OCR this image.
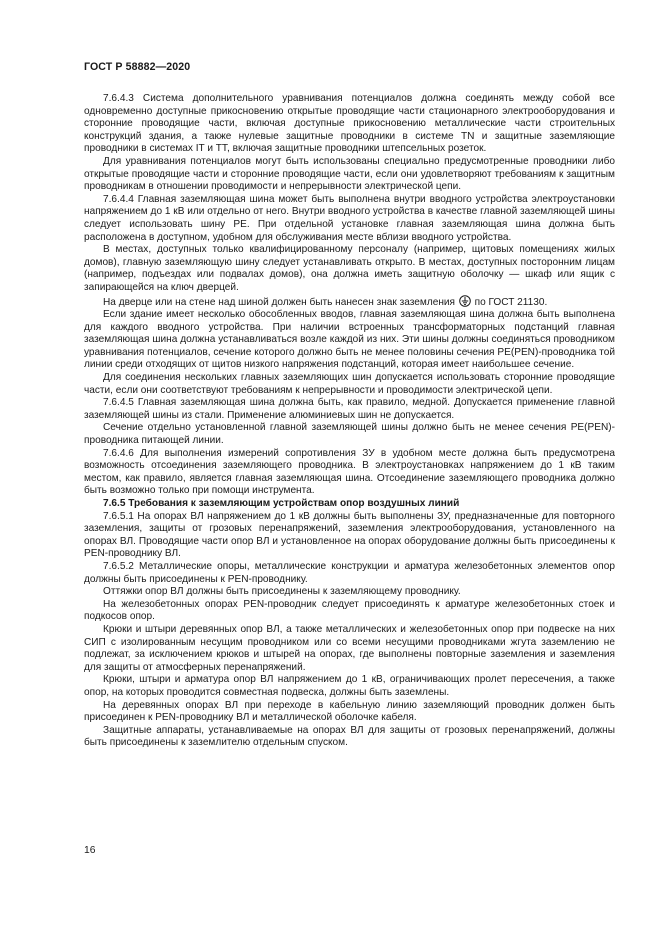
ГОСТ Р 58882—2020

7.6.4.3 Система дополнительного уравнивания потенциалов должна соединять между собой все одновременно доступные прикосновению открытые проводящие части стационарного электрооборудования и сторонние проводящие части, включая доступные прикосновению металлические части строительных конструкций здания, а также нулевые защитные проводники в системе TN и защитные заземляющие проводники в системах IT и TT, включая защитные проводники штепсельных розеток.

Для уравнивания потенциалов могут быть использованы специально предусмотренные проводники либо открытые проводящие части и сторонние проводящие части, если они удовлетворяют требованиям к защитным проводникам в отношении проводимости и непрерывности электрической цепи.

7.6.4.4 Главная заземляющая шина может быть выполнена внутри вводного устройства электроустановки напряжением до 1 кВ или отдельно от него. Внутри вводного устройства в качестве главной заземляющей шины следует использовать шину РЕ. При отдельной установке главная заземляющая шина должна быть расположена в доступном, удобном для обслуживания месте вблизи вводного устройства.

В местах, доступных только квалифицированному персоналу (например, щитовых помещениях жилых домов), главную заземляющую шину следует устанавливать открыто. В местах, доступных посторонним лицам (например, подъездах или подвалах домов), она должна иметь защитную оболочку — шкаф или ящик с запирающейся на ключ дверцей.

На дверце или на стене над шиной должен быть нанесен знак заземления по ГОСТ 21130.

Если здание имеет несколько обособленных вводов, главная заземляющая шина должна быть выполнена для каждого вводного устройства. При наличии встроенных трансформаторных подстанций главная заземляющая шина должна устанавливаться возле каждой из них. Эти шины должны соединяться проводником уравнивания потенциалов, сечение которого должно быть не менее половины сечения PE(PEN)-проводника той линии среди отходящих от щитов низкого напряжения подстанций, которая имеет наибольшее сечение.

Для соединения нескольких главных заземляющих шин допускается использовать сторонние проводящие части, если они соответствуют требованиям к непрерывности и проводимости электрической цепи.

7.6.4.5 Главная заземляющая шина должна быть, как правило, медной. Допускается применение главной заземляющей шины из стали. Применение алюминиевых шин не допускается.

Сечение отдельно установленной главной заземляющей шины должно быть не менее сечения PE(PEN)-проводника питающей линии.

7.6.4.6 Для выполнения измерений сопротивления ЗУ в удобном месте должна быть предусмотрена возможность отсоединения заземляющего проводника. В электроустановках напряжением до 1 кВ таким местом, как правило, является главная заземляющая шина. Отсоединение заземляющего проводника должно быть возможно только при помощи инструмента.

7.6.5 Требования к заземляющим устройствам опор воздушных линий

7.6.5.1 На опорах ВЛ напряжением до 1 кВ должны быть выполнены ЗУ, предназначенные для повторного заземления, защиты от грозовых перенапряжений, заземления электрооборудования, установленного на опорах ВЛ. Проводящие части опор ВЛ и установленное на опорах оборудование должны быть присоединены к PEN-проводнику ВЛ.

7.6.5.2 Металлические опоры, металлические конструкции и арматура железобетонных элементов опор должны быть присоединены к PEN-проводнику.

Оттяжки опор ВЛ должны быть присоединены к заземляющему проводнику.

На железобетонных опорах PEN-проводник следует присоединять к арматуре железобетонных стоек и подкосов опор.

Крюки и штыри деревянных опор ВЛ, а также металлических и железобетонных опор при подвеске на них СИП с изолированным несущим проводником или со всеми несущими проводниками жгута заземлению не подлежат, за исключением крюков и штырей на опорах, где выполнены повторные заземления и заземления для защиты от атмосферных перенапряжений.

Крюки, штыри и арматура опор ВЛ напряжением до 1 кВ, ограничивающих пролет пересечения, а также опор, на которых проводится совместная подвеска, должны быть заземлены.

На деревянных опорах ВЛ при переходе в кабельную линию заземляющий проводник должен быть присоединен к PEN-проводнику ВЛ и металлической оболочке кабеля.

Защитные аппараты, устанавливаемые на опорах ВЛ для защиты от грозовых перенапряжений, должны быть присоединены к заземлителю отдельным спуском.

16
